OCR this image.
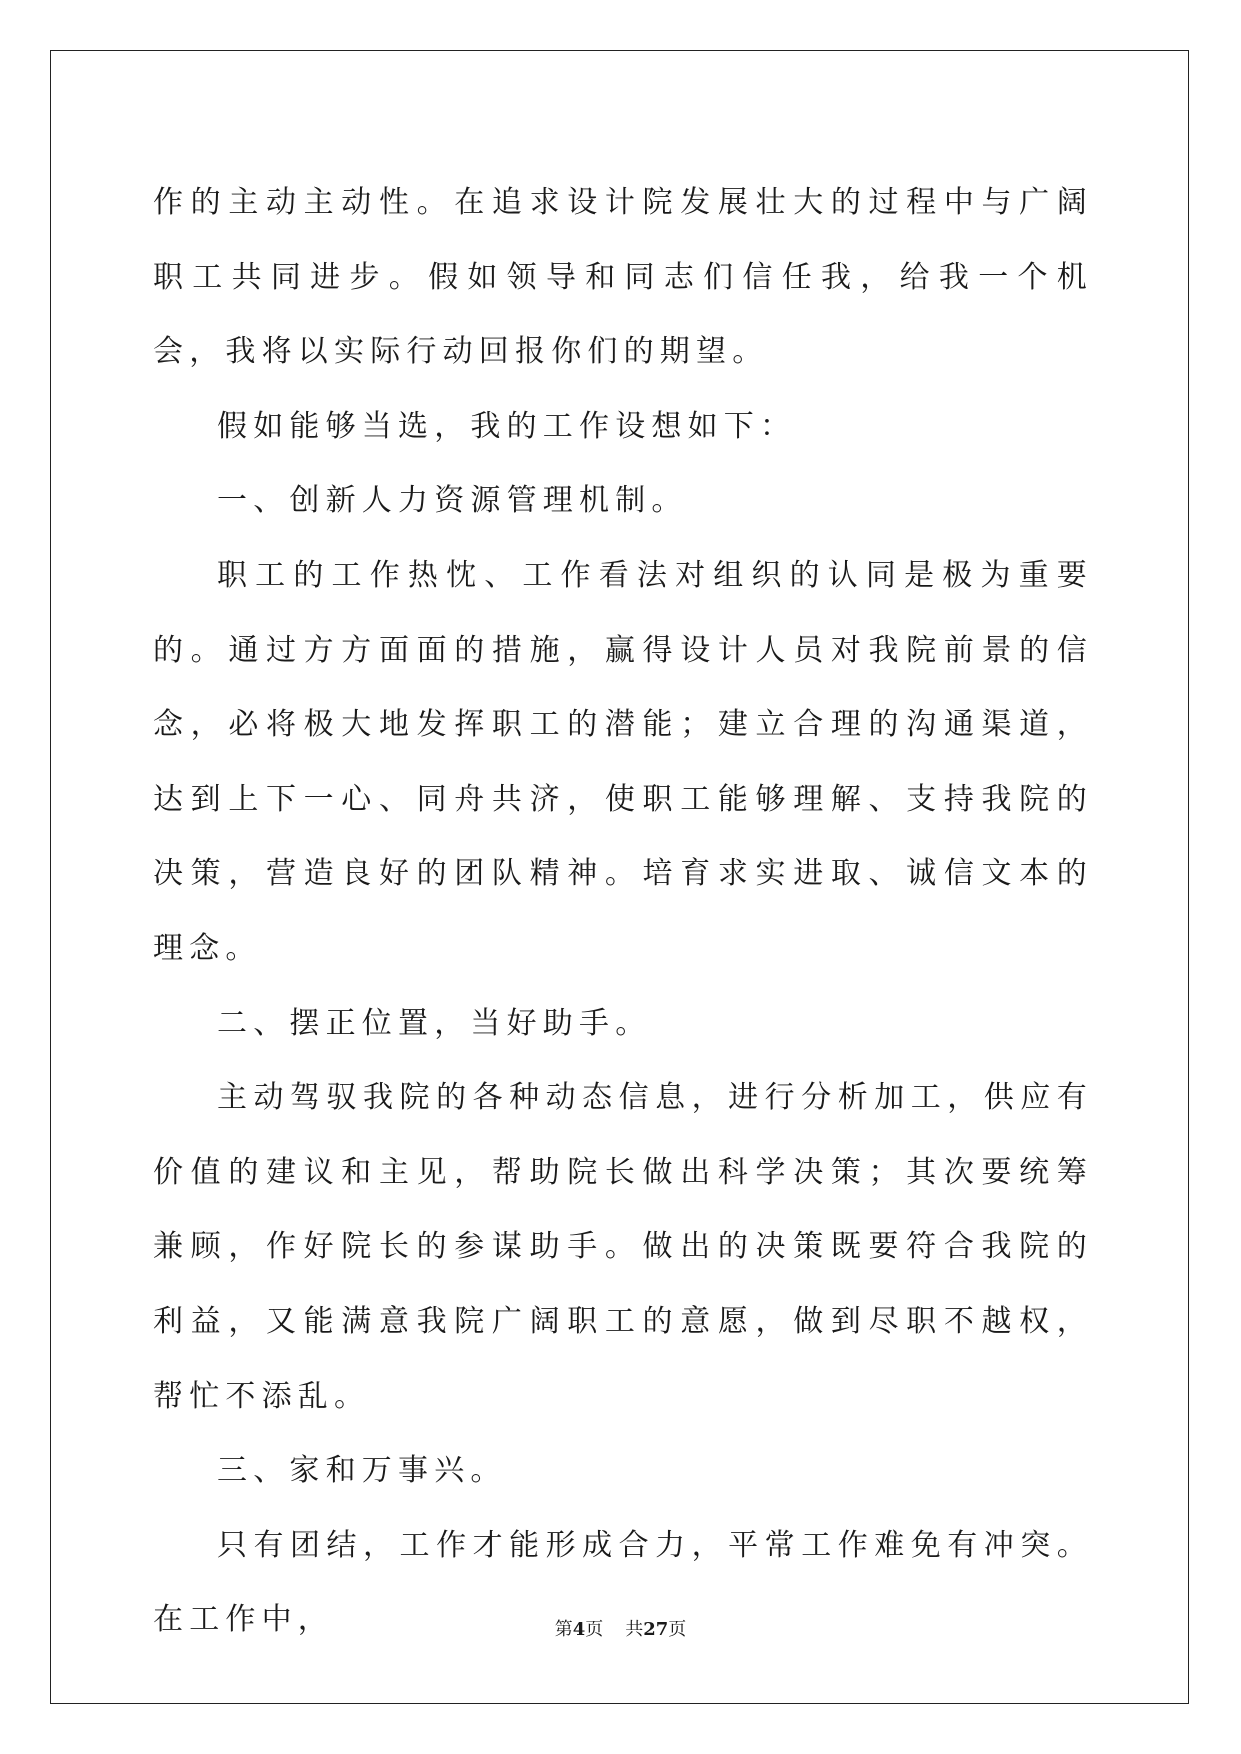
作的主动主动性。在追求设计院发展壮大的过程中与广阔职工共同进步。假如领导和同志们信任我，给我一个机会，我将以实际行动回报你们的期望。

假如能够当选，我的工作设想如下：

一、创新人力资源管理机制。

职工的工作热忱、工作看法对组织的认同是极为重要的。通过方方面面的措施，赢得设计人员对我院前景的信念，必将极大地发挥职工的潜能；建立合理的沟通渠道，达到上下一心、同舟共济，使职工能够理解、支持我院的决策，营造良好的团队精神。培育求实进取、诚信文本的理念。

二、摆正位置，当好助手。

主动驾驭我院的各种动态信息，进行分析加工，供应有价值的建议和主见，帮助院长做出科学决策；其次要统筹兼顾，作好院长的参谋助手。做出的决策既要符合我院的利益，又能满意我院广阔职工的意愿，做到尽职不越权，帮忙不添乱。

三、家和万事兴。

只有团结，工作才能形成合力，平常工作难免有冲突。在工作中，	第4页 共27页
